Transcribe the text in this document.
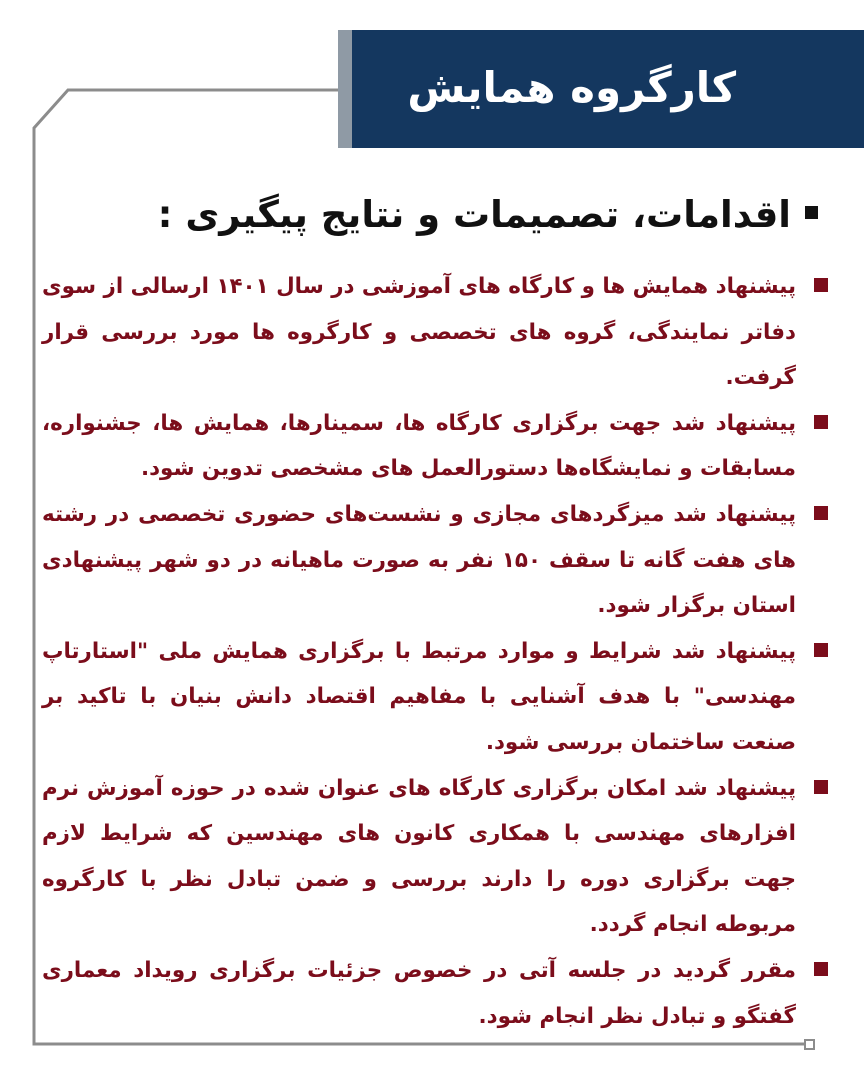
کارگروه همایش
اقدامات، تصمیمات و نتایج پیگیری :
پیشنهاد همایش ها و کارگاه های آموزشی در سال ۱۴۰۱ ارسالی از سوی دفاتر نمایندگی، گروه های تخصصی و کارگروه ها مورد بررسی قرار گرفت.
پیشنهاد شد جهت برگزاری کارگاه ها، سمینارها، همایش ها، جشنواره، مسابقات و نمایشگاه‌ها دستورالعمل های مشخصی تدوین شود.
پیشنهاد شد میزگردهای مجازی و نشست‌های حضوری تخصصی در رشته های هفت گانه تا سقف ۱۵۰ نفر به صورت ماهیانه در دو شهر پیشنهادی استان برگزار شود.
پیشنهاد شد شرایط و موارد مرتبط با برگزاری همایش ملی "استارتاپ مهندسی" با هدف آشنایی با مفاهیم اقتصاد دانش بنیان با تاکید بر صنعت ساختمان بررسی شود.
پیشنهاد شد امکان برگزاری کارگاه های عنوان شده در حوزه آموزش نرم افزارهای مهندسی با همکاری کانون های مهندسین که شرایط لازم جهت برگزاری دوره را دارند بررسی و ضمن تبادل نظر با کارگروه مربوطه انجام گردد.
مقرر گردید در جلسه آتی در خصوص جزئیات برگزاری رویداد معماری گفتگو و تبادل نظر انجام شود.
